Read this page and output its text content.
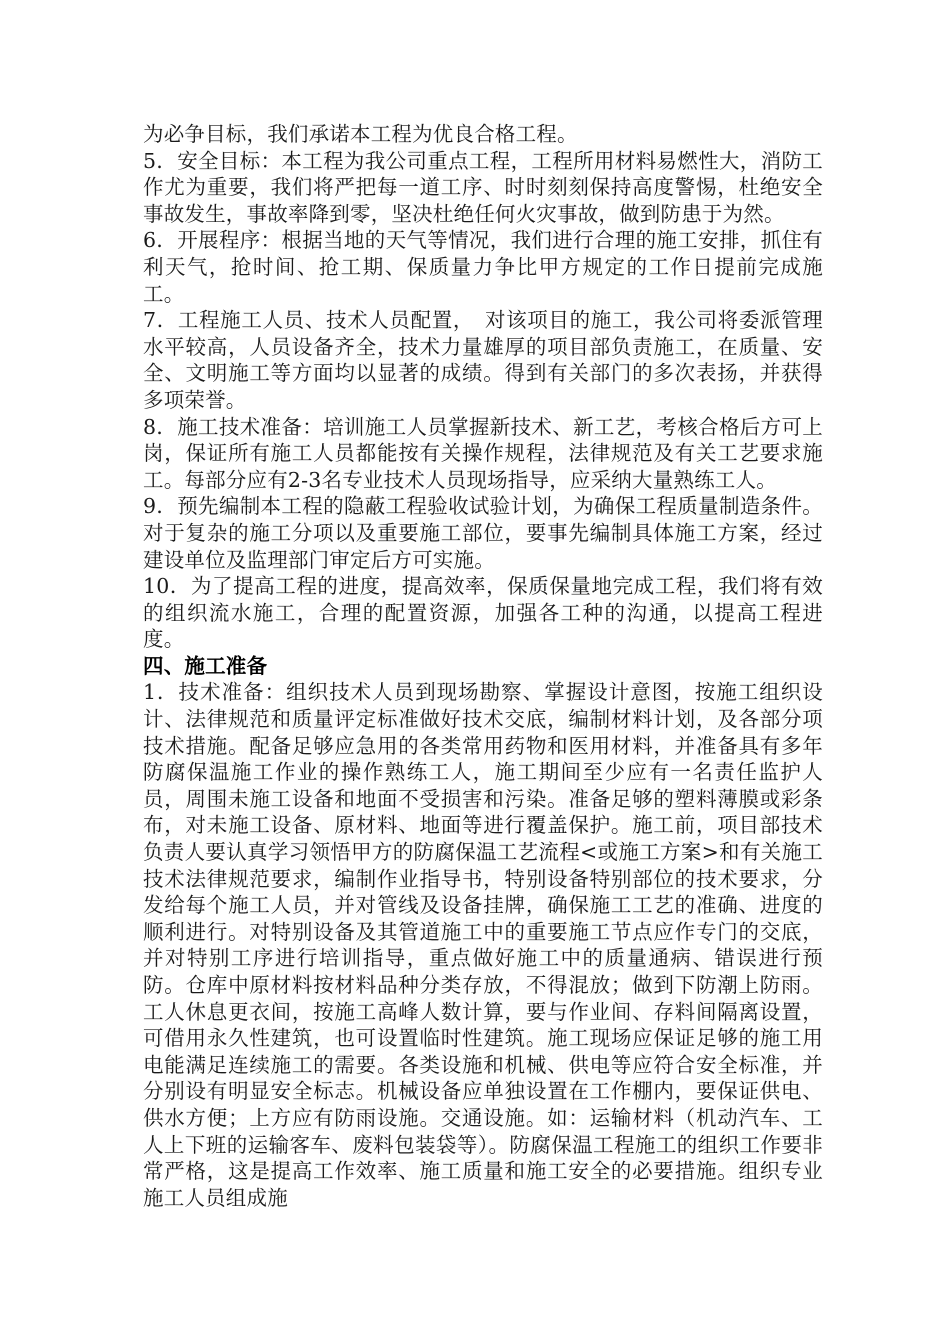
为必争目标，我们承诺本工程为优良合格工程。

5．安全目标：本工程为我公司重点工程，工程所用材料易燃性大，消防工作尤为重要，我们将严把每一道工序、时时刻刻保持高度警惕，杜绝安全事故发生，事故率降到零，坚决杜绝任何火灾事故，做到防患于为然。

6．开展程序：根据当地的天气等情况，我们进行合理的施工安排，抓住有利天气，抢时间、抢工期、保质量力争比甲方规定的工作日提前完成施工。

7．工程施工人员、技术人员配置，　对该项目的施工，我公司将委派管理水平较高，人员设备齐全，技术力量雄厚的项目部负责施工，在质量、安全、文明施工等方面均以显著的成绩。得到有关部门的多次表扬，并获得多项荣誉。

8．施工技术准备：培训施工人员掌握新技术、新工艺，考核合格后方可上岗，保证所有施工人员都能按有关操作规程，法律规范及有关工艺要求施工。每部分应有2-3名专业技术人员现场指导，应采纳大量熟练工人。

9．预先编制本工程的隐蔽工程验收试验计划，为确保工程质量制造条件。对于复杂的施工分项以及重要施工部位，要事先编制具体施工方案，经过建设单位及监理部门审定后方可实施。

10．为了提高工程的进度，提高效率，保质保量地完成工程，我们将有效的组织流水施工，合理的配置资源，加强各工种的沟通，以提高工程进度。

四、施工准备

1．技术准备：组织技术人员到现场勘察、掌握设计意图，按施工组织设计、法律规范和质量评定标准做好技术交底，编制材料计划，及各部分项技术措施。配备足够应急用的各类常用药物和医用材料，并准备具有多年防腐保温施工作业的操作熟练工人，施工期间至少应有一名责任监护人员，周围未施工设备和地面不受损害和污染。准备足够的塑料薄膜或彩条布，对未施工设备、原材料、地面等进行覆盖保护。施工前，项目部技术负责人要认真学习领悟甲方的防腐保温工艺流程<或施工方案>和有关施工技术法律规范要求，编制作业指导书，特别设备特别部位的技术要求，分发给每个施工人员，并对管线及设备挂牌，确保施工工艺的准确、进度的顺利进行。对特别设备及其管道施工中的重要施工节点应作专门的交底，并对特别工序进行培训指导，重点做好施工中的质量通病、错误进行预防。仓库中原材料按材料品种分类存放，不得混放；做到下防潮上防雨。工人休息更衣间，按施工高峰人数计算，要与作业间、存料间隔离设置，可借用永久性建筑，也可设置临时性建筑。施工现场应保证足够的施工用电能满足连续施工的需要。各类设施和机械、供电等应符合安全标准，并分别设有明显安全标志。机械设备应单独设置在工作棚内，要保证供电、供水方便；上方应有防雨设施。交通设施。如：运输材料（机动汽车、工人上下班的运输客车、废料包装袋等）。防腐保温工程施工的组织工作要非常严格，这是提高工作效率、施工质量和施工安全的必要措施。组织专业施工人员组成施
